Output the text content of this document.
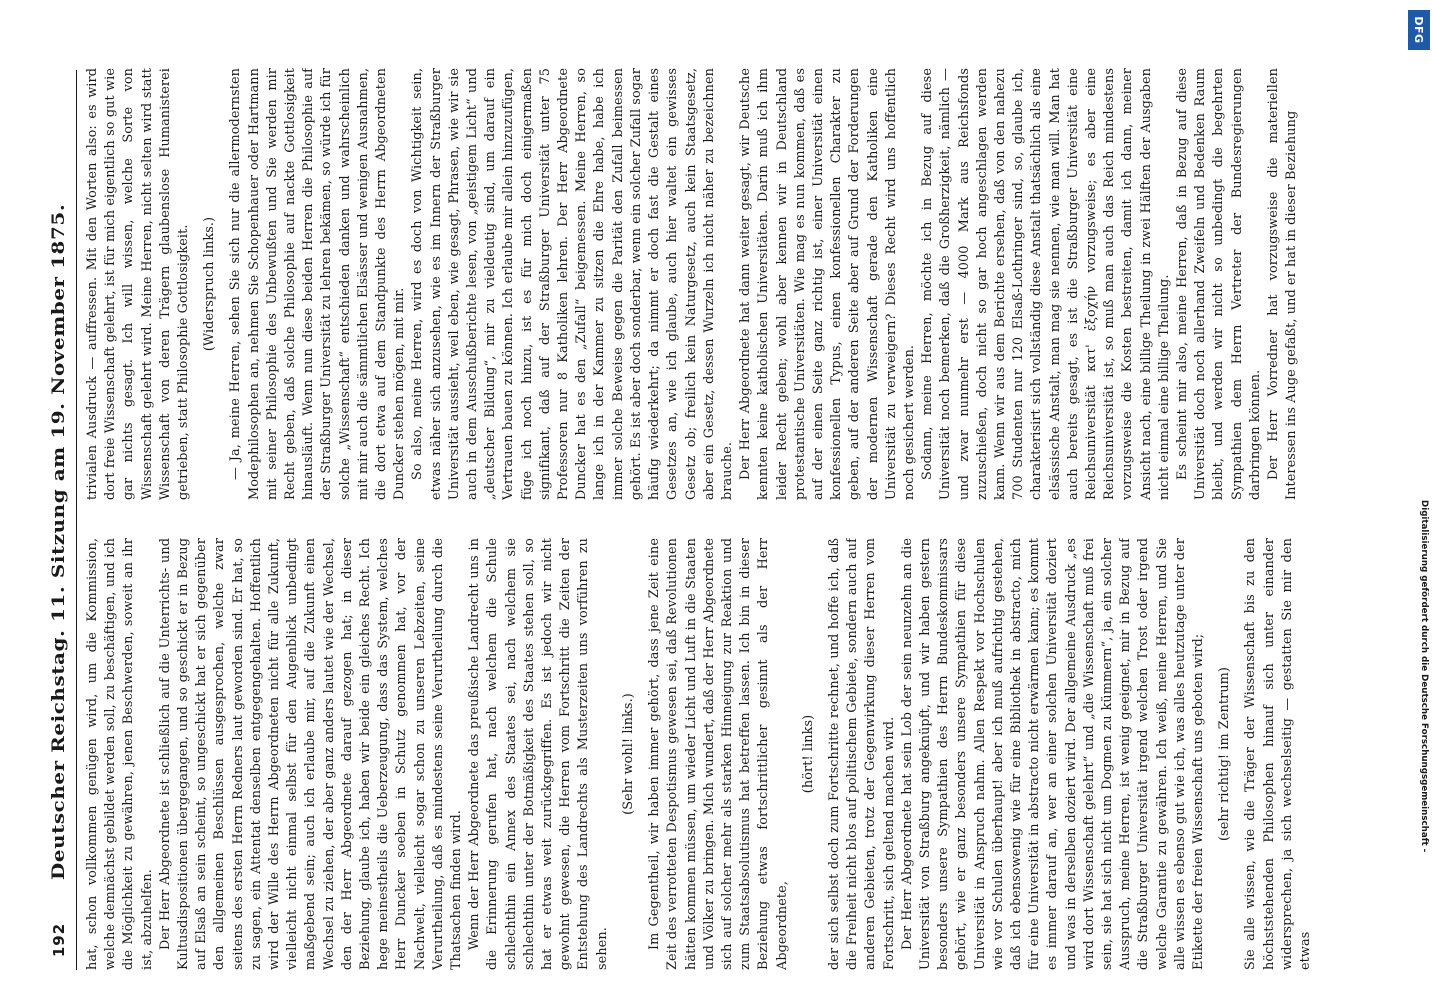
192
Deutscher Reichstag. 11. Sitzung am 19. November 1875. hat, schon vollkommen genügen wird, um die Kommission, welche demnächst gebildet werden soll, zu beschäftigen, und ich die Möglichkeit zu gewähren, jenen Beschwerden, soweit an ihr ist, abzuhelfen. Der Herr Abgeordnete ist schließlich auf die Unterrichts- und Kultusdispositionen übergegangen, und so geschickt er in Bezug auf Elsaß an sein scheint, so ungeschickt hat er sich gegenüber den allgemeinen Beschlüssen ausgesprochen, welche zwar seitens des ersten Herrn Redners laut geworden sind. Er hat, so zu sagen, ein Attentat denselben entgegengehalten. Hoffentlich wird der Wille des Herrn Abgeordneten nicht für alle Zukunft, vielleicht nicht einmal selbst für den Augenblick unbedingt maßgebend sein; auch ich erlaube mir, auf die Zukunft einen Wechsel zu ziehen, der aber ganz anders lautet wie der Wechsel, den der Herr Abgeordnete darauf gezogen hat; in dieser Beziehung, glaube ich, haben wir beide ein gleiches Recht. Ich hege meinestheils die Ueberzeugung, dass das System, welches Herr Duncker soeben in Schutz genommen hat, vor der Nachwelt, vielleicht sogar schon zu unseren Lebzeiten, seine Verurtheilung, daß es mindestens seine Verurtheilung durch die Thatsachen finden wird. Wenn der Herr Abgeordnete das preußische Landrecht uns in die Erinnerung gerufen hat, nach welchem die Schule schlechthin ein Annex des Staates sei, nach welchem sie schlechthin unter der Botmäßigkeit des Staates stehen soll, so hat er etwas weit zurückgegriffen. Es ist jedoch wir nicht gewohnt gewesen, die Herren vom Fortschritt die Zeiten der Entstehung des Landrechts als Musterzeiten uns vorführen zu sehen.

(Sehr wohl! links.) Im Gegentheil, wir haben immer gehört, dass jene Zeit eine Zeit des verrotteten Despotismus gewesen sei, daß Revolutionen hätten kommen müssen, um wieder Licht und Luft in die Staaten und Völker zu bringen. Mich wundert, daß der Herr Abgeordnete sich auf solcher mehr als starken Hinneigung zur Reaktion und zum Staatsabsolutismus hat betreffen lassen. Ich bin in dieser Beziehung etwas fortschrittlicher gesinnt als der Herr Abgeordnete,

(hört! links) der sich selbst doch zum Fortschritte rechnet, und hoffe ich, daß die Freiheit nicht blos auf politischem Gebiete, sondern auch auf anderen Gebieten, trotz der Gegenwirkung dieser Herren vom Fortschritt, sich geltend machen wird. Der Herr Abgeordnete hat sein Lob der sein neunzehn an die Universität von Straßburg angeknüpft, und wir haben gestern besonders unsere Sympathien des Herrn Bundeskommissars gehört, wie er ganz besonders unsere Sympathien für diese Universität in Anspruch nahm. Allen Respekt vor Hochschulen wie vor Schulen überhaupt! aber ich muß aufrichtig gestehen, daß ich ebensowenig wie für eine Bibliothek in abstracto, mich für eine Universität in abstracto nicht erwärmen kann; es kommt es immer darauf an, wer an einer solchen Universität doziert und was in derselben doziert wird. Der allgemeine Ausdruck „es wird dort Wissenschaft gelehrt“ und „die Wissenschaft muß frei sein, sie hat sich nicht um Dogmen zu kümmern“, ja, ein solcher Ausspruch, meine Herren, ist wenig geeignet, mir in Bezug auf die Straßburger Universität irgend welchen Trost oder irgend welche Garantie zu gewähren. Ich weiß, meine Herren, und Sie alle wissen es ebenso gut wie ich, was alles heutzutage unter der Etikette der freien Wissenschaft uns geboten wird; (sehr richtig! im Zentrum) Sie alle wissen, wie die Träger der Wissenschaft bis zu den höchststehenden Philosophen hinauf sich unter einander widersprechen, ja sich wechselseitig — gestatten Sie mir den etwas

trivialen Ausdruck — auffressen. Mit den Worten also: es wird dort freie Wissenschaft gelehrt, ist für mich eigentlich so gut wie gar nichts gesagt. Ich will wissen, welche Sorte von Wissenschaft gelehrt wird. Meine Herren, nicht selten wird statt Wissenschaft von deren Trägern glaubenslose Humanisterei getrieben, statt Philosophie Gottlosigkeit. (Widerspruch links.) — Ja, meine Herren, sehen Sie sich nur die allermodernsten Modephilosophen an, nehmen Sie Schopenhauer oder Hartmann mit seiner Philosophie des Unbewußten und Sie werden mir Recht geben, daß solche Philosophie auf nackte Gottlosigkeit hinausläuft. Wenn nun diese beiden Herren die Philosophie auf der Straßburger Universität zu lehren bekämen, so würde ich für solche „Wissenschaft“ entschieden danken und wahrscheinlich mit mir auch die sämmtlichen Elsässer und wenigen Ausnahmen, die dort etwa auf dem Standpunkte des Herrn Abgeordneten Duncker stehen mögen, mit mir. So also, meine Herren, wird es doch von Wichtigkeit sein, etwas näher sich anzusehen, wie es im Innern der Straßburger Universität aussieht, weil eben, wie gesagt, Phrasen, wie wir sie auch in dem Ausschußberichte lesen, von „geistigem Licht“ und „deutscher Bildung“, mir zu vieldeutig sind, um darauf ein Vertrauen bauen zu können. Ich erlaube mir allein hinzuzufügen, füge ich noch hinzu, ist es für mich doch einigermaßen signifikant, daß auf der Straßburger Universität unter 75 Professoren nur 8 Katholiken lehren. Der Herr Abgeordnete Duncker hat es den „Zufall“ beigemessen. Meine Herren, so lange ich in der Kammer zu sitzen die Ehre habe, habe ich immer solche Beweise gegen die Parität den Zufall beimessen gehört. Es ist aber doch sonderbar, wenn ein solcher Zufall sogar häufig wiederkehrt; da nimmt er doch fast die Gestalt eines Gesetzes an, wie ich glaube, auch hier waltet ein gewisses Gesetz ob; freilich kein Naturgesetz, auch kein Staatsgesetz, aber ein Gesetz, dessen Wurzeln ich nicht näher zu bezeichnen brauche. Der Herr Abgeordnete hat dann weiter gesagt, wir Deutsche kennten keine katholischen Universitäten. Darin muß ich ihm leider Recht geben; wohl aber kennen wir in Deutschland protestantische Universitäten. Wie mag es nun kommen, daß es auf der einen Seite ganz richtig ist, einer Universität einen konfessionellen Typus, einen konfessionellen Charakter zu geben, auf der anderen Seite aber auf Grund der Forderungen der modernen Wissenschaft gerade den Katholiken eine Universität zu verweigern? Dieses Recht wird uns hoffentlich noch gesichert werden. Sodann, meine Herren, möchte ich in Bezug auf diese Universität noch bemerken, daß die Großherzigkeit, nämlich — und zwar nunmehr erst — 4000 Mark aus Reichsfonds zuzuschießen, doch nicht so gar hoch angeschlagen werden kann. Wenn wir aus dem Berichte ersehen, daß von den nahezu 700 Studenten nur 120 Elsaß-Lothringer sind, so, glaube ich, charakterisirt sich vollständig diese Anstalt thatsächlich als eine elsässische Anstalt, man mag sie nennen, wie man will. Man hat auch bereits gesagt, es ist die Straßburger Universität eine Reichsuniversität κατ' ἐξοχήν vorzugsweise; es aber eine Reichsuniversität ist, so muß man auch das Reich mindestens vorzugsweise die Kosten bestreiten, damit ich dann, meiner Ansicht nach, eine billige Theilung in zwei Hälften der Ausgaben nicht einmal eine billige Theilung. Es scheint mir also, meine Herren, daß in Bezug auf diese Universität doch noch allerhand Zweifeln und Bedenken Raum bleibt, und werden wir nicht so unbedingt die begehrten Sympathien dem Herrn Vertreter der Bundesregierungen darbringen können. Der Herr Vorredner hat vorzugsweise die materiellen Interessen ins Auge gefaßt, und er hat in dieser Beziehung

DFG
Digitalisierung gefördert durch die Deutsche Forschungsgemeinschaft -
